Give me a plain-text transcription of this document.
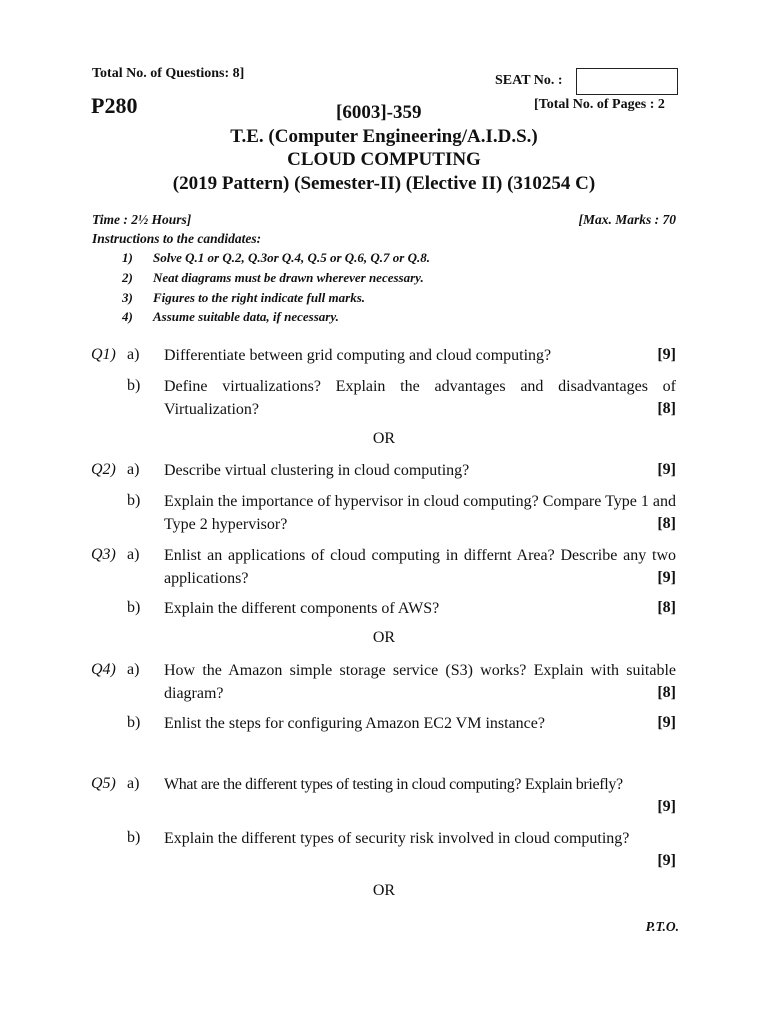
Total No. of Questions: 8]	SEAT No. :
P280	[Total No. of Pages : 2
[6003]-359
T.E. (Computer Engineering/A.I.D.S.)
CLOUD COMPUTING
(2019 Pattern) (Semester-II) (Elective II) (310254 C)
Time : 2½ Hours]	[Max. Marks : 70
Instructions to the candidates:
1)	Solve Q.1 or Q.2, Q.3or Q.4, Q.5 or Q.6, Q.7 or Q.8.
2)	Neat diagrams must be drawn wherever necessary.
3)	Figures to the right indicate full marks.
4)	Assume suitable data, if necessary.
Q1) a) Differentiate between grid computing and cloud computing?	[9]
b) Define virtualizations? Explain the advantages and disadvantages of Virtualization?	[8]
OR
Q2) a) Describe virtual clustering in cloud computing?	[9]
b) Explain the importance of hypervisor in cloud computing? Compare Type 1 and Type 2 hypervisor?	[8]
Q3) a) Enlist an applications of cloud computing in differnt Area? Describe any two applications?	[9]
b) Explain the different components of AWS?	[8]
OR
Q4) a) How the Amazon simple storage service (S3) works? Explain with suitable diagram?	[8]
b) Enlist the steps for configuring Amazon EC2 VM instance?	[9]
Q5) a) What are the different types of testing in cloud computing? Explain briefly?
[9]
b) Explain the different types of security risk involved in cloud computing?
[9]
OR
P.T.O.
